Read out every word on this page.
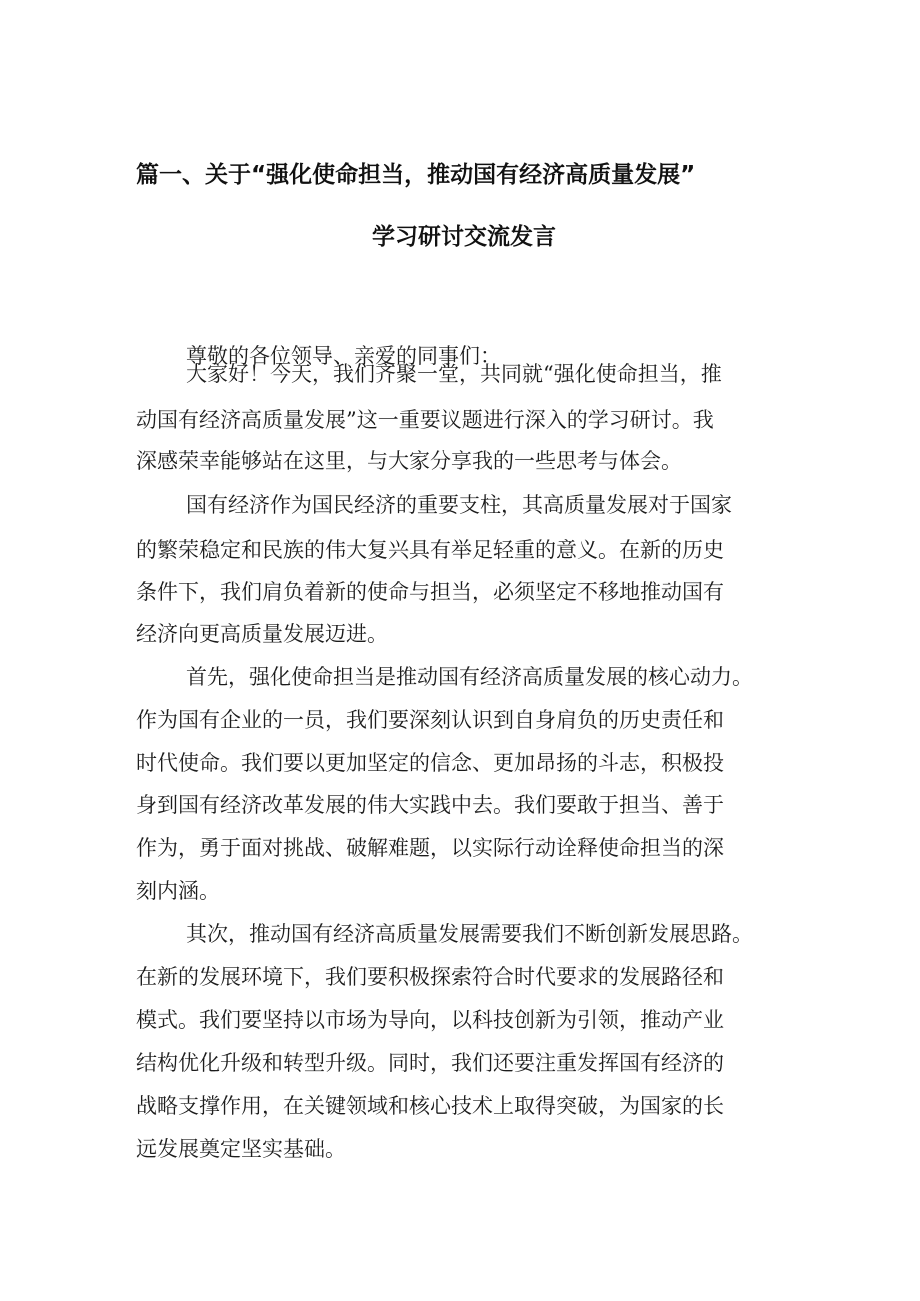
篇一、关于“强化使命担当，推动国有经济高质量发展”
学习研讨交流发言
尊敬的各位领导、亲爱的同事们：
大家好！今天，我们齐聚一堂，共同就“强化使命担当，推
动国有经济高质量发展”这一重要议题进行深入的学习研讨。我
深感荣幸能够站在这里，与大家分享我的一些思考与体会。
国有经济作为国民经济的重要支柱，其高质量发展对于国家
的繁荣稳定和民族的伟大复兴具有举足轻重的意义。在新的历史
条件下，我们肩负着新的使命与担当，必须坚定不移地推动国有
经济向更高质量发展迈进。
首先，强化使命担当是推动国有经济高质量发展的核心动力。
作为国有企业的一员，我们要深刻认识到自身肩负的历史责任和
时代使命。我们要以更加坚定的信念、更加昂扬的斗志，积极投
身到国有经济改革发展的伟大实践中去。我们要敢于担当、善于
作为，勇于面对挑战、破解难题，以实际行动诠释使命担当的深
刻内涵。
其次，推动国有经济高质量发展需要我们不断创新发展思路。
在新的发展环境下，我们要积极探索符合时代要求的发展路径和
模式。我们要坚持以市场为导向，以科技创新为引领，推动产业
结构优化升级和转型升级。同时，我们还要注重发挥国有经济的
战略支撑作用，在关键领域和核心技术上取得突破，为国家的长
远发展奠定坚实基础。
